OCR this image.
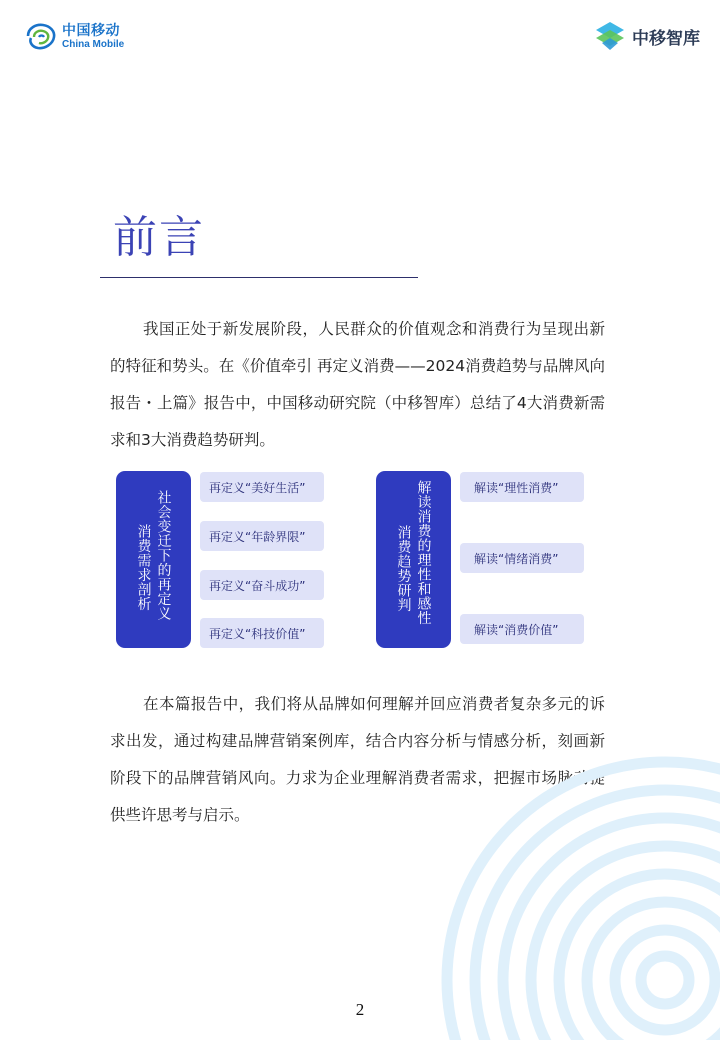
中国移动
China Mobile	中移智库
前言

我国正处于新发展阶段，人民群众的价值观念和消费行为呈现出新的特征和势头。在《价值牵引 再定义消费——2024消费趋势与品牌风向报告・上篇》报告中，中国移动研究院（中移智库）总结了4大消费新需求和3大消费趋势研判。

消费需求剖析 社会变迁下的再定义
再定义“美好生活”
再定义“年龄界限”
再定义“奋斗成功”
再定义“科技价值”
消费趋势研判 解读消费的理性和感性	解读“理性消费”
解读“情绪消费”
解读“消费价值”

在本篇报告中，我们将从品牌如何理解并回应消费者复杂多元的诉求出发，通过构建品牌营销案例库，结合内容分析与情感分析，刻画新阶段下的品牌营销风向。力求为企业理解消费者需求，把握市场脉动提供些许思考与启示。

2
